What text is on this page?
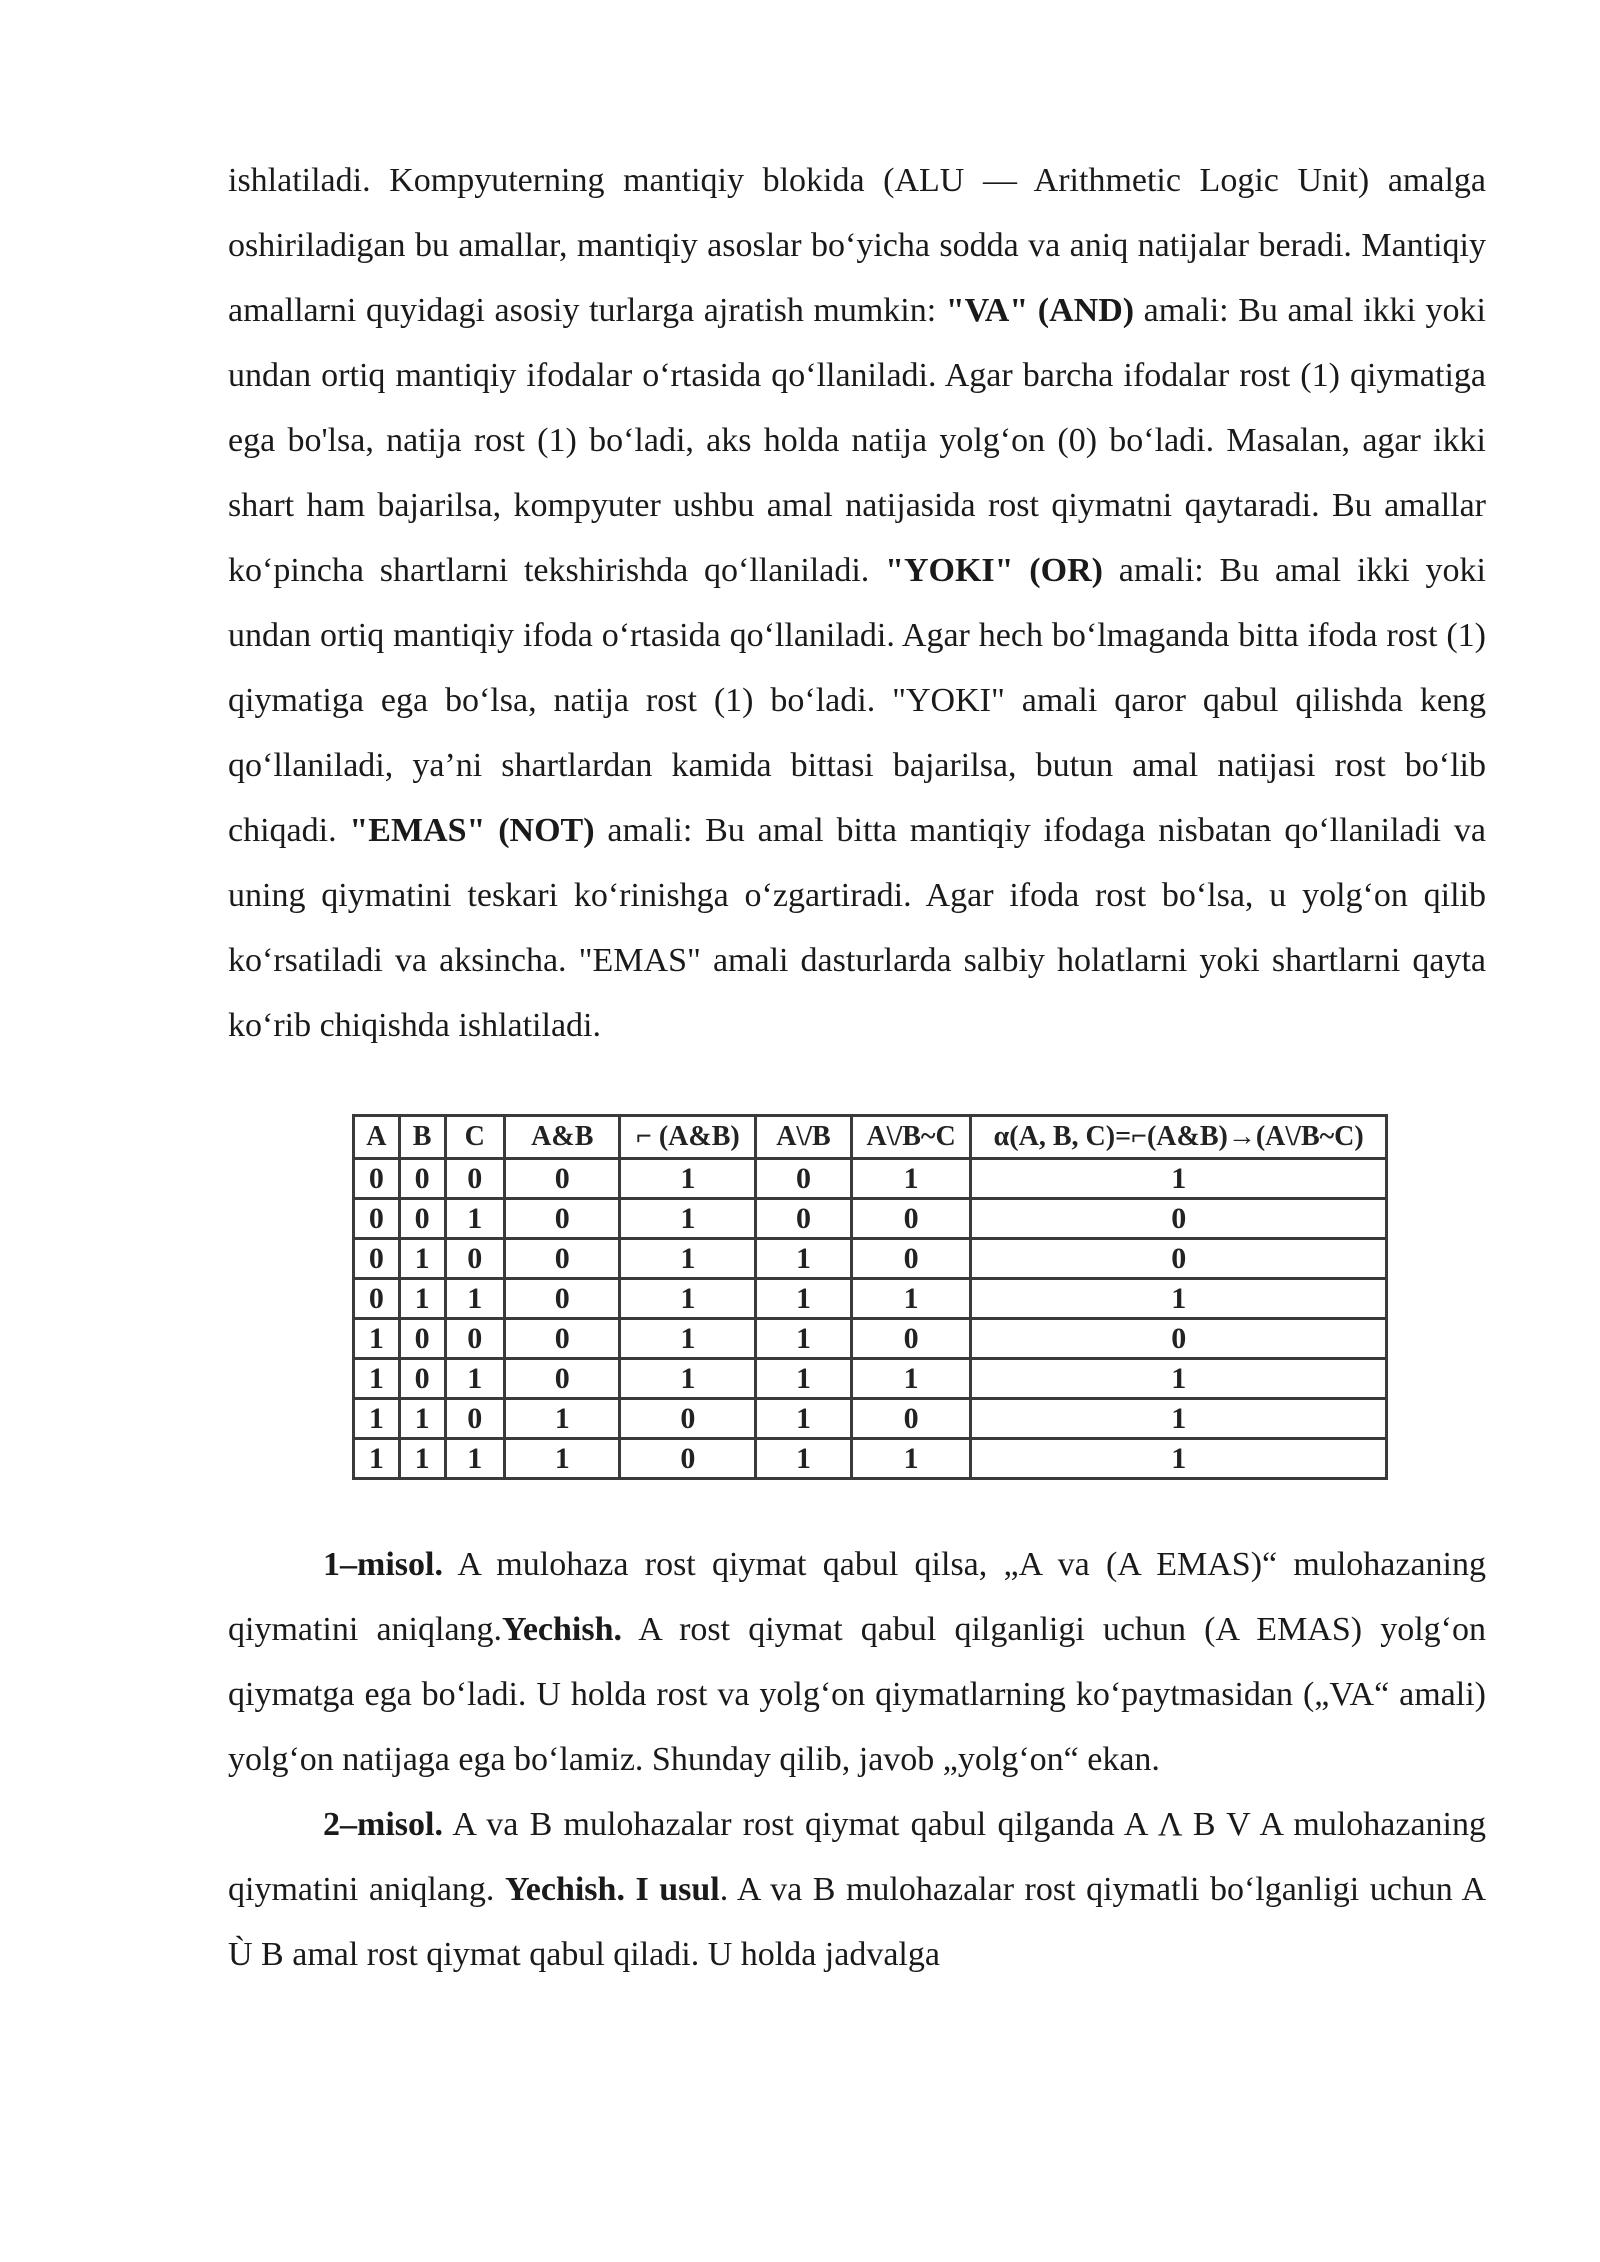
ishlatiladi. Kompyuterning mantiqiy blokida (ALU — Arithmetic Logic Unit) amalga oshiriladigan bu amallar, mantiqiy asoslar bo‘yicha sodda va aniq natijalar beradi. Mantiqiy amallarni quyidagi asosiy turlarga ajratish mumkin: "VA" (AND) amali: Bu amal ikki yoki undan ortiq mantiqiy ifodalar o‘rtasida qo‘llaniladi. Agar barcha ifodalar rost (1) qiymatiga ega bo'lsa, natija rost (1) bo‘ladi, aks holda natija yolg‘on (0) bo‘ladi. Masalan, agar ikki shart ham bajarilsa, kompyuter ushbu amal natijasida rost qiymatni qaytaradi. Bu amallar ko‘pincha shartlarni tekshirishda qo‘llaniladi. "YOKI" (OR) amali: Bu amal ikki yoki undan ortiq mantiqiy ifoda o‘rtasida qo‘llaniladi. Agar hech bo‘lmaganda bitta ifoda rost (1) qiymatiga ega bo‘lsa, natija rost (1) bo‘ladi. "YOKI" amali qaror qabul qilishda keng qo‘llaniladi, ya’ni shartlardan kamida bittasi bajarilsa, butun amal natijasi rost bo‘lib chiqadi. "EMAS" (NOT) amali: Bu amal bitta mantiqiy ifodaga nisbatan qo‘llaniladi va uning qiymatini teskari ko‘rinishga o‘zgartiradi. Agar ifoda rost bo‘lsa, u yolg‘on qilib ko‘rsatiladi va aksincha. "EMAS" amali dasturlarda salbiy holatlarni yoki shartlarni qayta ko‘rib chiqishda ishlatiladi.

A	B	C	A&B	⌐ (A&B)	A\/B	A\/B~C	α(A, B, C)=⌐(A&B)→(A\/B~C)
0	0	0	0	1	0	1	1
0	0	1	0	1	0	0	0
0	1	0	0	1	1	0	0
0	1	1	0	1	1	1	1
1	0	0	0	1	1	0	0
1	0	1	0	1	1	1	1
1	1	0	1	0	1	0	1
1	1	1	1	0	1	1	1

1–misol. A mulohaza rost qiymat qabul qilsa, „A va (A EMAS)“ mulohazaning qiymatini aniqlang.Yechish. A rost qiymat qabul qilganligi uchun (A EMAS) yolg‘on qiymatga ega bo‘ladi. U holda rost va yolg‘on qiymatlarning ko‘paytmasidan („VA“ amali) yolg‘on natijaga ega bo‘lamiz. Shunday qilib, javob „yolg‘on“ ekan.

2–misol. A va B mulohazalar rost qiymat qabul qilganda A Λ B V A mulohazaning qiymatini aniqlang. Yechish. I usul. A va B mulohazalar rost qiymatli bo‘lganligi uchun A Ù B amal rost qiymat qabul qiladi. U holda jadvalga
